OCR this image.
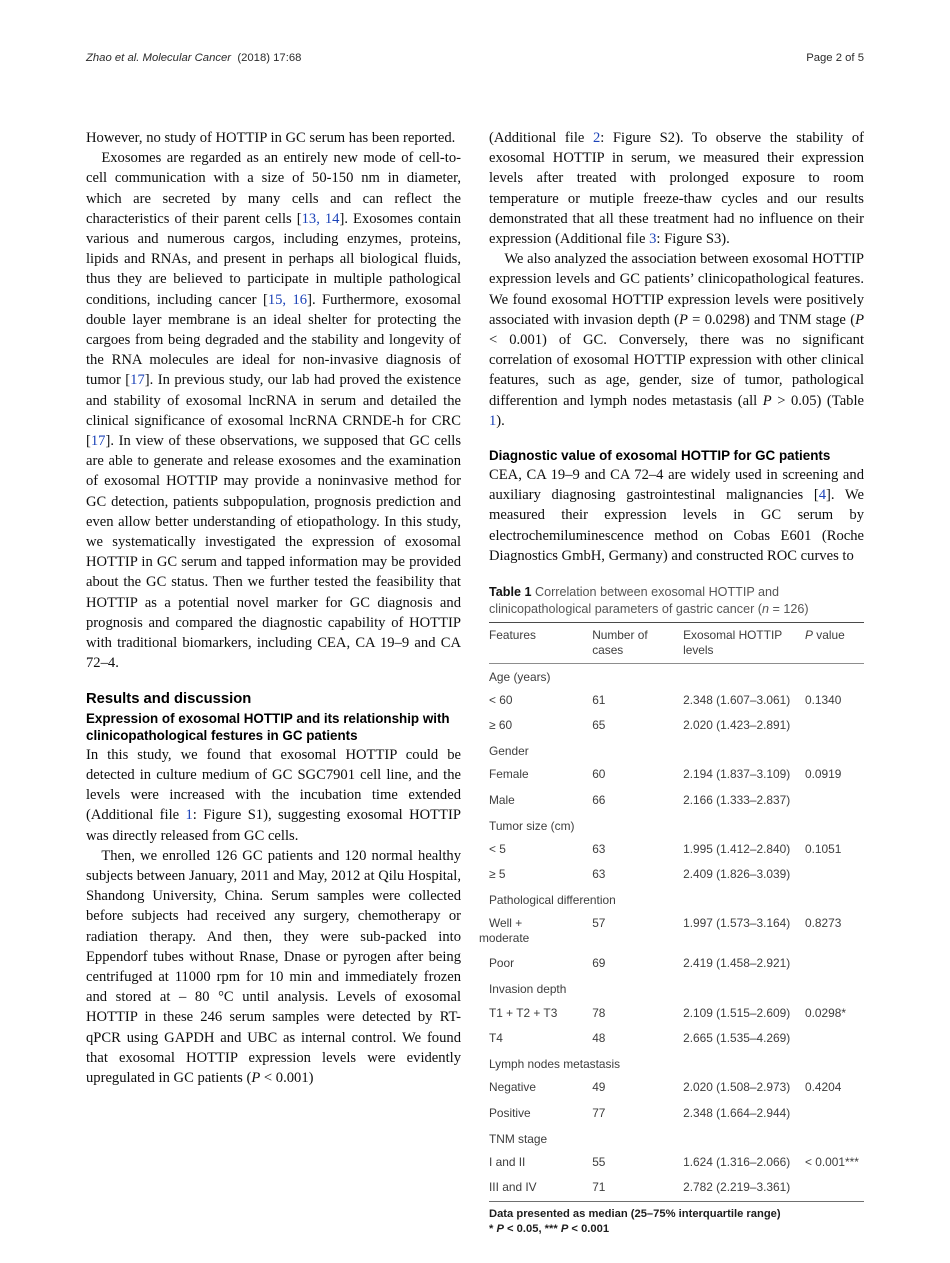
Zhao et al. Molecular Cancer (2018) 17:68	Page 2 of 5

However, no study of HOTTIP in GC serum has been reported.

Exosomes are regarded as an entirely new mode of cell-to-cell communication with a size of 50-150 nm in diameter, which are secreted by many cells and can reflect the characteristics of their parent cells [13, 14]. Exosomes contain various and numerous cargos, including enzymes, proteins, lipids and RNAs, and present in perhaps all biological fluids, thus they are believed to participate in multiple pathological conditions, including cancer [15, 16]. Furthermore, exosomal double layer membrane is an ideal shelter for protecting the cargoes from being degraded and the stability and longevity of the RNA molecules are ideal for non-invasive diagnosis of tumor [17]. In previous study, our lab had proved the existence and stability of exosomal lncRNA in serum and detailed the clinical significance of exosomal lncRNA CRNDE-h for CRC [17]. In view of these observations, we supposed that GC cells are able to generate and release exosomes and the examination of exosomal HOTTIP may provide a noninvasive method for GC detection, patients subpopulation, prognosis prediction and even allow better understanding of etiopathology. In this study, we systematically investigated the expression of exosomal HOTTIP in GC serum and tapped information may be provided about the GC status. Then we further tested the feasibility that HOTTIP as a potential novel marker for GC diagnosis and prognosis and compared the diagnostic capability of HOTTIP with traditional biomarkers, including CEA, CA 19–9 and CA 72–4.

Results and discussion
Expression of exosomal HOTTIP and its relationship with clinicopathological festures in GC patients

In this study, we found that exosomal HOTTIP could be detected in culture medium of GC SGC7901 cell line, and the levels were increased with the incubation time extended (Additional file 1: Figure S1), suggesting exosomal HOTTIP was directly released from GC cells.

Then, we enrolled 126 GC patients and 120 normal healthy subjects between January, 2011 and May, 2012 at Qilu Hospital, Shandong University, China. Serum samples were collected before subjects had received any surgery, chemotherapy or radiation therapy. And then, they were sub-packed into Eppendorf tubes without Rnase, Dnase or pyrogen after being centrifuged at 11000 rpm for 10 min and immediately frozen and stored at – 80 °C until analysis. Levels of exosomal HOTTIP in these 246 serum samples were detected by RT-qPCR using GAPDH and UBC as internal control. We found that exosomal HOTTIP expression levels were evidently upregulated in GC patients (P < 0.001)

(Additional file 2: Figure S2). To observe the stability of exosomal HOTTIP in serum, we measured their expression levels after treated with prolonged exposure to room temperature or mutiple freeze-thaw cycles and our results demonstrated that all these treatment had no influence on their expression (Additional file 3: Figure S3).

We also analyzed the association between exosomal HOTTIP expression levels and GC patients’ clinicopathological features. We found exosomal HOTTIP expression levels were positively associated with invasion depth (P = 0.0298) and TNM stage (P < 0.001) of GC. Conversely, there was no significant correlation of exosomal HOTTIP expression with other clinical features, such as age, gender, size of tumor, pathological differention and lymph nodes metastasis (all P > 0.05) (Table 1).

Diagnostic value of exosomal HOTTIP for GC patients

CEA, CA 19–9 and CA 72–4 are widely used in screening and auxiliary diagnosing gastrointestinal malignancies [4]. We measured their expression levels in GC serum by electrochemiluminescence method on Cobas E601 (Roche Diagnostics GmbH, Germany) and constructed ROC curves to

Table 1 Correlation between exosomal HOTTIP and clinicopathological parameters of gastric cancer (n = 126)
Features	Number of cases	Exosomal HOTTIP levels	P value
Age (years)			
< 60	61	2.348 (1.607–3.061)	0.1340
≥ 60	65	2.020 (1.423–2.891)	
Gender			
Female	60	2.194 (1.837–3.109)	0.0919
Male	66	2.166 (1.333–2.837)	
Tumor size (cm)			
< 5	63	1.995 (1.412–2.840)	0.1051
≥ 5	63	2.409 (1.826–3.039)	
Pathological differention			
Well +
moderate	57	1.997 (1.573–3.164)	0.8273
Poor	69	2.419 (1.458–2.921)	
Invasion depth			
T1 + T2 + T3	78	2.109 (1.515–2.609)	0.0298*
T4	48	2.665 (1.535–4.269)	
Lymph nodes metastasis			
Negative	49	2.020 (1.508–2.973)	0.4204
Positive	77	2.348 (1.664–2.944)	
TNM stage			
I and II	55	1.624 (1.316–2.066)	< 0.001***
III and IV	71	2.782 (2.219–3.361)	
Data presented as median (25–75% interquartile range)
* P < 0.05, *** P < 0.001
